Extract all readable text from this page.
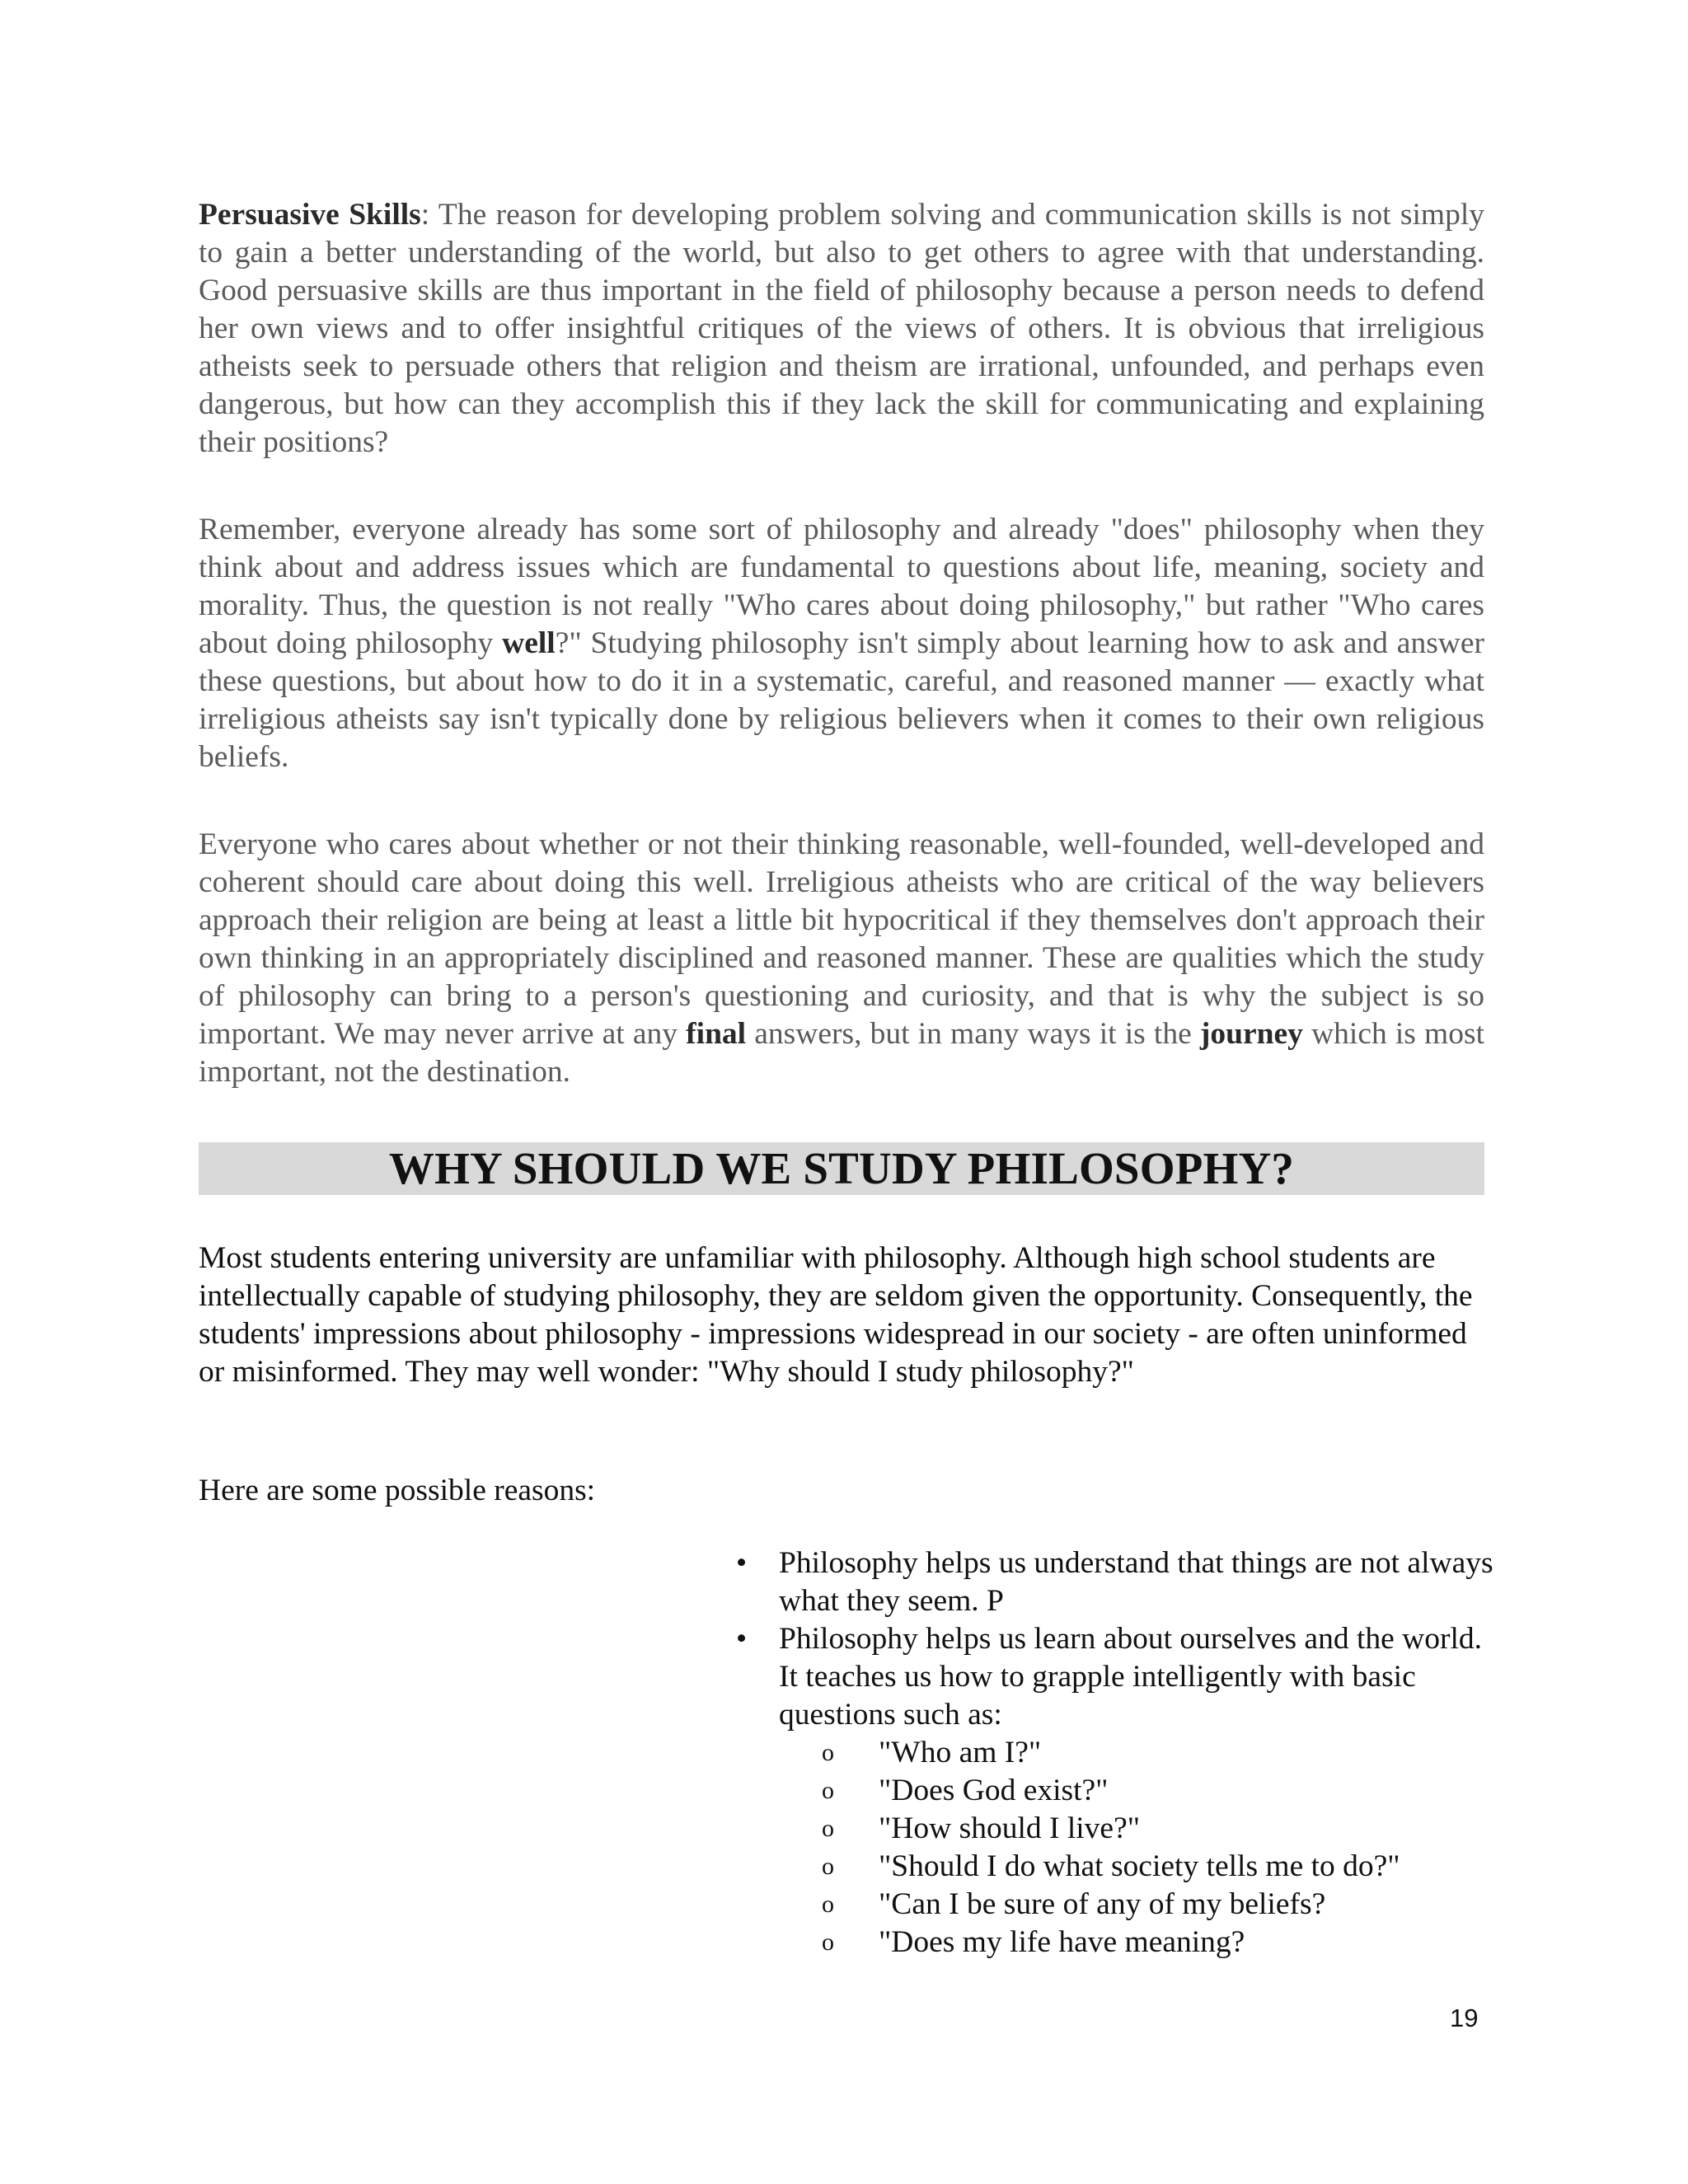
Persuasive Skills: The reason for developing problem solving and communication skills is not simply to gain a better understanding of the world, but also to get others to agree with that understanding. Good persuasive skills are thus important in the field of philosophy because a person needs to defend her own views and to offer insightful critiques of the views of others. It is obvious that irreligious atheists seek to persuade others that religion and theism are irrational, unfounded, and perhaps even dangerous, but how can they accomplish this if they lack the skill for communicating and explaining their positions?

Remember, everyone already has some sort of philosophy and already "does" philosophy when they think about and address issues which are fundamental to questions about life, meaning, society and morality. Thus, the question is not really "Who cares about doing philosophy," but rather "Who cares about doing philosophy well?" Studying philosophy isn't simply about learning how to ask and answer these questions, but about how to do it in a systematic, careful, and reasoned manner — exactly what irreligious atheists say isn't typically done by religious believers when it comes to their own religious beliefs.

Everyone who cares about whether or not their thinking reasonable, well-founded, well-developed and coherent should care about doing this well. Irreligious atheists who are critical of the way believers approach their religion are being at least a little bit hypocritical if they themselves don't approach their own thinking in an appropriately disciplined and reasoned manner. These are qualities which the study of philosophy can bring to a person's questioning and curiosity, and that is why the subject is so important. We may never arrive at any final answers, but in many ways it is the journey which is most important, not the destination.

WHY SHOULD WE STUDY PHILOSOPHY?

Most students entering university are unfamiliar with philosophy. Although high school students are intellectually capable of studying philosophy, they are seldom given the opportunity. Consequently, the students' impressions about philosophy - impressions widespread in our society - are often uninformed or misinformed. They may well wonder: "Why should I study philosophy?"

Here are some possible reasons:

•	Philosophy helps us understand that things are not always what they seem. P
•	Philosophy helps us learn about ourselves and the world. It teaches us how to grapple intelligently with basic questions such as:
o "Who am I?"
o "Does God exist?"
o "How should I live?"
o "Should I do what society tells me to do?"
o "Can I be sure of any of my beliefs?
o "Does my life have meaning?
19
